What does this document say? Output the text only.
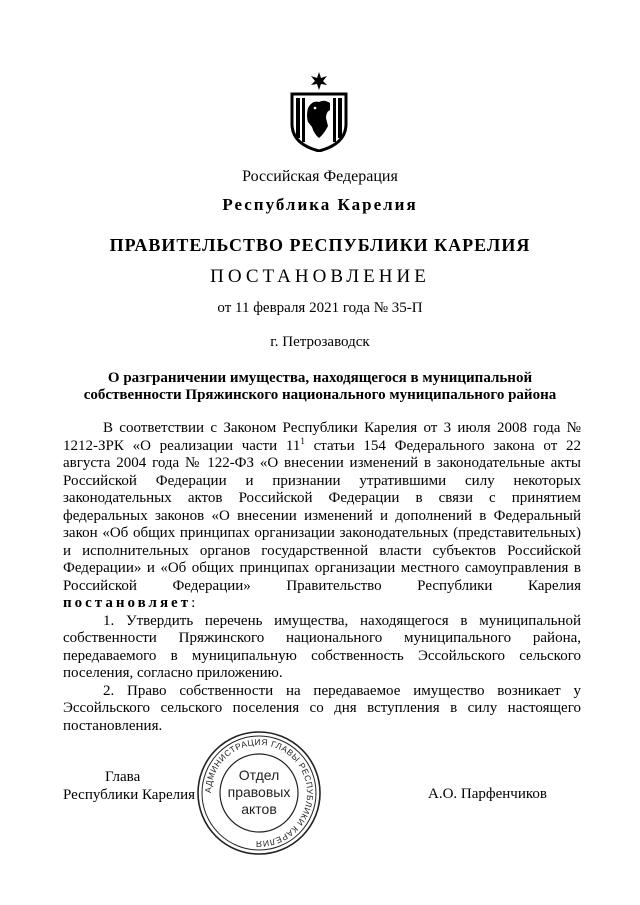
Российская Федерация
Республика Карелия
ПРАВИТЕЛЬСТВО РЕСПУБЛИКИ КАРЕЛИЯ
ПОСТАНОВЛЕНИЕ
от 11 февраля 2021 года № 35-П
г. Петрозаводск
О разграничении имущества, находящегося в муниципальной собственности Пряжинского национального муниципального района

В соответствии с Законом Республики Карелия от 3 июля 2008 года № 1212-ЗРК «О реализации части $11^1$ статьи 154 Федерального закона от 22 августа 2004 года № 122-ФЗ «О внесении изменений в законодательные акты Российской Федерации и признании утратившими силу некоторых законодательных актов Российской Федерации в связи с принятием федеральных законов «О внесении изменений и дополнений в Федеральный закон «Об общих принципах организации законодательных (представительных) и исполнительных органов государственной власти субъектов Российской Федерации» и «Об общих принципах организации местного самоуправления в Российской Федерации» Правительство Республики Карелия постановляет:

1. Утвердить перечень имущества, находящегося в муниципальной собственности Пряжинского национального муниципального района, передаваемого в муниципальную собственность Эссойльского сельского поселения, согласно приложению.

2. Право собственности на передаваемое имущество возникает у Эссойльского сельского поселения со дня вступления в силу настоящего постановления.

Глава
Республики Карелия	А.О. Парфенчиков
АДМИНИСТРАЦИЯ ГЛАВЫ РЕСПУБЛИКИ КАРЕЛИЯ
Отдел
правовых
актов
